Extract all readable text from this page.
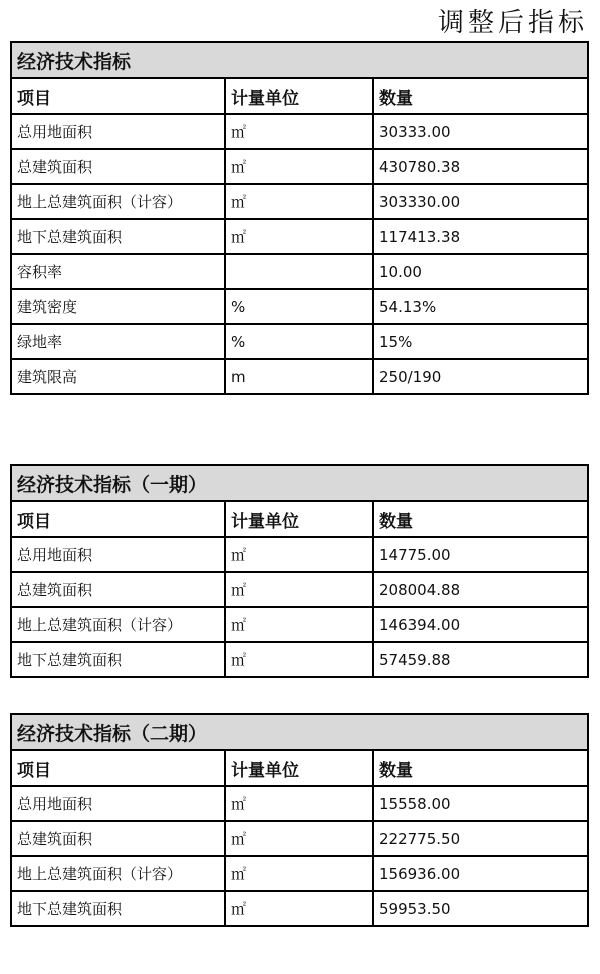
调整后指标
经济技术指标		
项目	计量单位	数量
总用地面积	㎡	30333.00
总建筑面积	㎡	430780.38
地上总建筑面积（计容）	㎡	303330.00
地下总建筑面积	㎡	117413.38
容积率		10.00
建筑密度	%	54.13%
绿地率	%	15%
建筑限高	m	250/190
经济技术指标（一期）		
项目	计量单位	数量
总用地面积	㎡	14775.00
总建筑面积	㎡	208004.88
地上总建筑面积（计容）	㎡	146394.00
地下总建筑面积	㎡	57459.88
经济技术指标（二期）		
项目	计量单位	数量
总用地面积	㎡	15558.00
总建筑面积	㎡	222775.50
地上总建筑面积（计容）	㎡	156936.00
地下总建筑面积	㎡	59953.50
